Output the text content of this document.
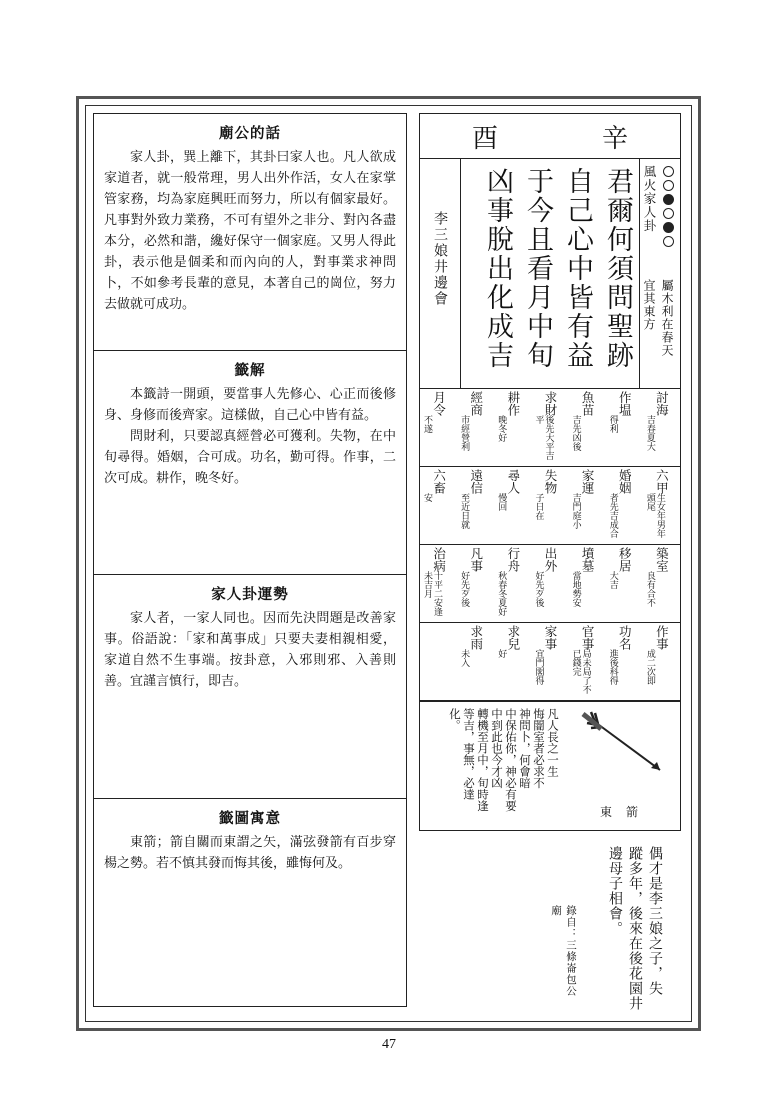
廟公的話

家人卦，巽上離下，其卦曰家人也。凡人欲成家道者，就一般常理，男人出外作活，女人在家掌管家務，均為家庭興旺而努力，所以有個家最好。凡事對外致力業務，不可有望外之非分、對內各盡本分，必然和諧，纔好保守一個家庭。又男人得此卦，表示他是個柔和而內向的人，對事業求神問卜，不如參考長輩的意見，本著自己的崗位，努力去做就可成功。

籤解

本籤詩一開頭，要當事人先修心、心正而後修身、身修而後齊家。這樣做，自己心中皆有益。

問財利，只要認真經營必可獲利。失物，在中旬尋得。婚姻，合可成。功名，勤可得。作事，二次可成。耕作，晚冬好。

家人卦運勢

家人者，一家人同也。因而先決問題是改善家事。俗語說：「家和萬事成」只要夫妻相親相愛，家道自然不生事端。按卦意，入邪則邪、入善則善。宜謹言慎行，即吉。

籤圖寓意

東箭；箭自關而東謂之矢，滿弦發箭有百步穿楊之勢。若不慎其發而悔其後，雖悔何及。

酉	辛
風火家人卦
屬木利在春天
宜其東方
君爾何須問聖跡
自己心中皆有益
于今且看月中旬
凶事脫出化成吉
李三娘井邊會
討海
吉春夏大
作塭
得利
魚苗
吉先凶後
求財
後先大平吉平
耕作
晚冬好
經商
市經營利
月令
不遂
六甲
生女年男年頭尾
婚姻
者先吉成合
家運
吉門庭小
失物
子日在
尋人
慢回
遠信
至近日就
六畜
安
築室
良有合不
移居
大吉
墳墓
當地勢安
出外
好先歹後
行舟
秋春冬夏好
凡事
好先歹後
治病
十平二安逢未吉月
作事
成二次即
功名
進後科得
官事
局未局了不已錢完
家事
宜門閣得
求兒
好
求雨
未入
凡人長之一生
悔闇室者必求不
神問卜，何會暗
中保佑你，神必有要
中到此也今才凶
轉機至月中，旬時逢
等吉，事無，必達
化。
東箭
偶才是李三娘之子，失
蹤多年，後來在後花園井
邊母子相會。
錄自：三條崙包公廟
47
